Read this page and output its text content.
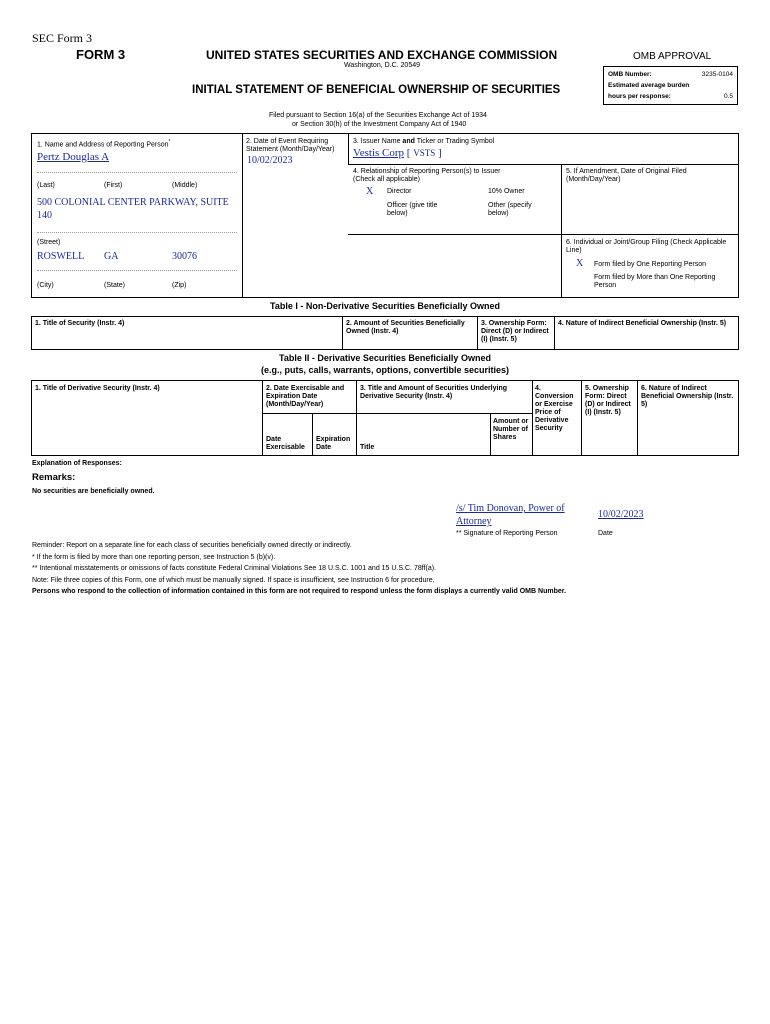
SEC Form 3
FORM 3	UNITED STATES SECURITIES AND EXCHANGE COMMISSION
Washington, D.C. 20549
INITIAL STATEMENT OF BENEFICIAL OWNERSHIP OF SECURITIES
Filed pursuant to Section 16(a) of the Securities Exchange Act of 1934
or Section 30(h) of the Investment Company Act of 1940
OMB APPROVAL
OMB Number:	3235-0104
Estimated average burden
hours per response:	0.5
1. Name and Address of Reporting Person*
Pertz Douglas A
(Last)	(First)	(Middle)
500 COLONIAL CENTER PARKWAY, SUITE 140
(Street)
ROSWELL GA	30076
(City)	(State)	(Zip)
2. Date of Event Requiring Statement (Month/Day/Year)
10/02/2023
3. Issuer Name and Ticker or Trading Symbol
Vestis Corp [ VSTS ]
4. Relationship of Reporting Person(s) to Issuer
(Check all applicable)
X Director	10% Owner
Officer (give title below)
Other (specify below)
5. If Amendment, Date of Original Filed (Month/Day/Year)
6. Individual or Joint/Group Filing (Check Applicable Line)
X Form filed by One Reporting Person
Form filed by More than One Reporting Person
Table I - Non-Derivative Securities Beneficially Owned
1. Title of Security (Instr. 4)	2. Amount of Securities Beneficially Owned (Instr. 4)
3. Ownership Form: Direct (D) or Indirect (I) (Instr. 5)
4. Nature of Indirect Beneficial Ownership (Instr. 5)
Table II - Derivative Securities Beneficially Owned
(e.g., puts, calls, warrants, options, convertible securities)
1. Title of Derivative Security (Instr. 4)	2. Date Exercisable and Expiration Date (Month/Day/Year)
Date Exercisable
Expiration Date
3. Title and Amount of Securities Underlying Derivative Security (Instr. 4)
Title
Amount or Number of Shares
4. Conversion or Exercise Price of Derivative Security
5. Ownership Form: Direct (D) or Indirect (I) (Instr. 5)
6. Nature of Indirect Beneficial Ownership (Instr. 5)
Explanation of Responses:
Remarks:
No securities are beneficially owned.
/s/ Tim Donovan, Power of Attorney
10/02/2023
** Signature of Reporting Person	Date
Reminder: Report on a separate line for each class of securities beneficially owned directly or indirectly.
* If the form is filed by more than one reporting person, see Instruction 5 (b)(v).
** Intentional misstatements or omissions of facts constitute Federal Criminal Violations See 18 U.S.C. 1001 and 15 U.S.C. 78ff(a).
Note: File three copies of this Form, one of which must be manually signed. If space is insufficient, see Instruction 6 for procedure.
Persons who respond to the collection of information contained in this form are not required to respond unless the form displays a currently valid OMB Number.
